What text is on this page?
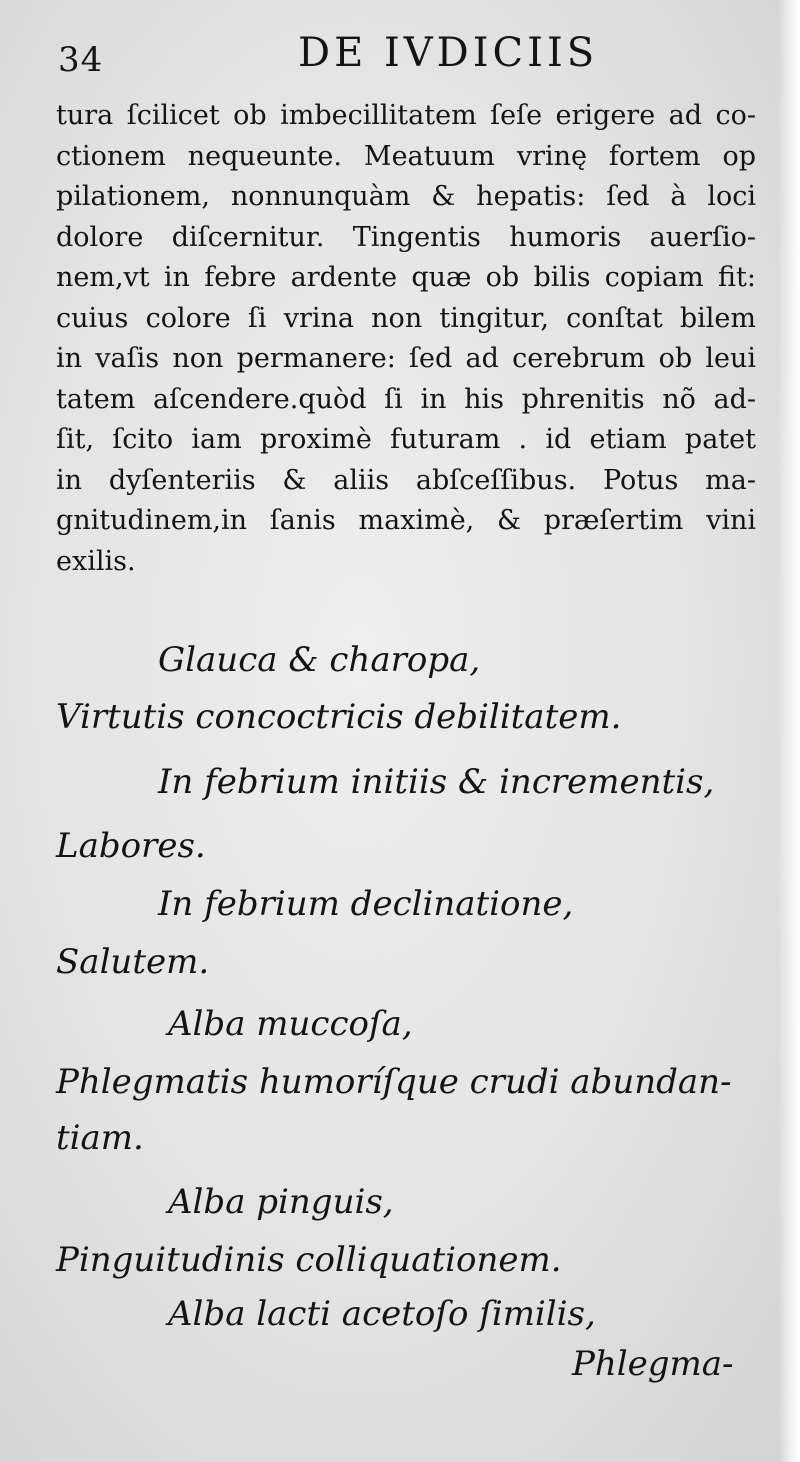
34	DE IVDICIIS
tura ſcilicet ob imbecillitatem ſeſe erigere ad co-
ctionem nequeunte. Meatuum vrinę fortem op
pilationem, nonnunquàm & hepatis: ſed à loci
dolore diſcernitur. Tingentis humoris auerſio-
nem,vt in febre ardente quæ ob bilis copiam fit:
cuius colore ſi vrina non tingitur, conſtat bilem
in vaſis non permanere: ſed ad cerebrum ob leui
tatem aſcendere.quòd ſi in his phrenitis nõ ad-
ſit, ſcito iam proximè futuram . id etiam patet
in dyſenteriis & aliis abſceſſibus. Potus ma-
gnitudinem,in ſanis maximè, & præſertim vini
exilis.
Glauca & charopa,
Virtutis concoctricis debilitatem.
In febrium initiis & incrementis,
Labores.
In febrium declinatione,
Salutem.
Alba muccoſa,
Phlegmatis humoríſque crudi abundan-
tiam.
Alba pinguis,
Pinguitudinis colliquationem.
Alba lacti acetoſo ſimilis,
Phlegma-
